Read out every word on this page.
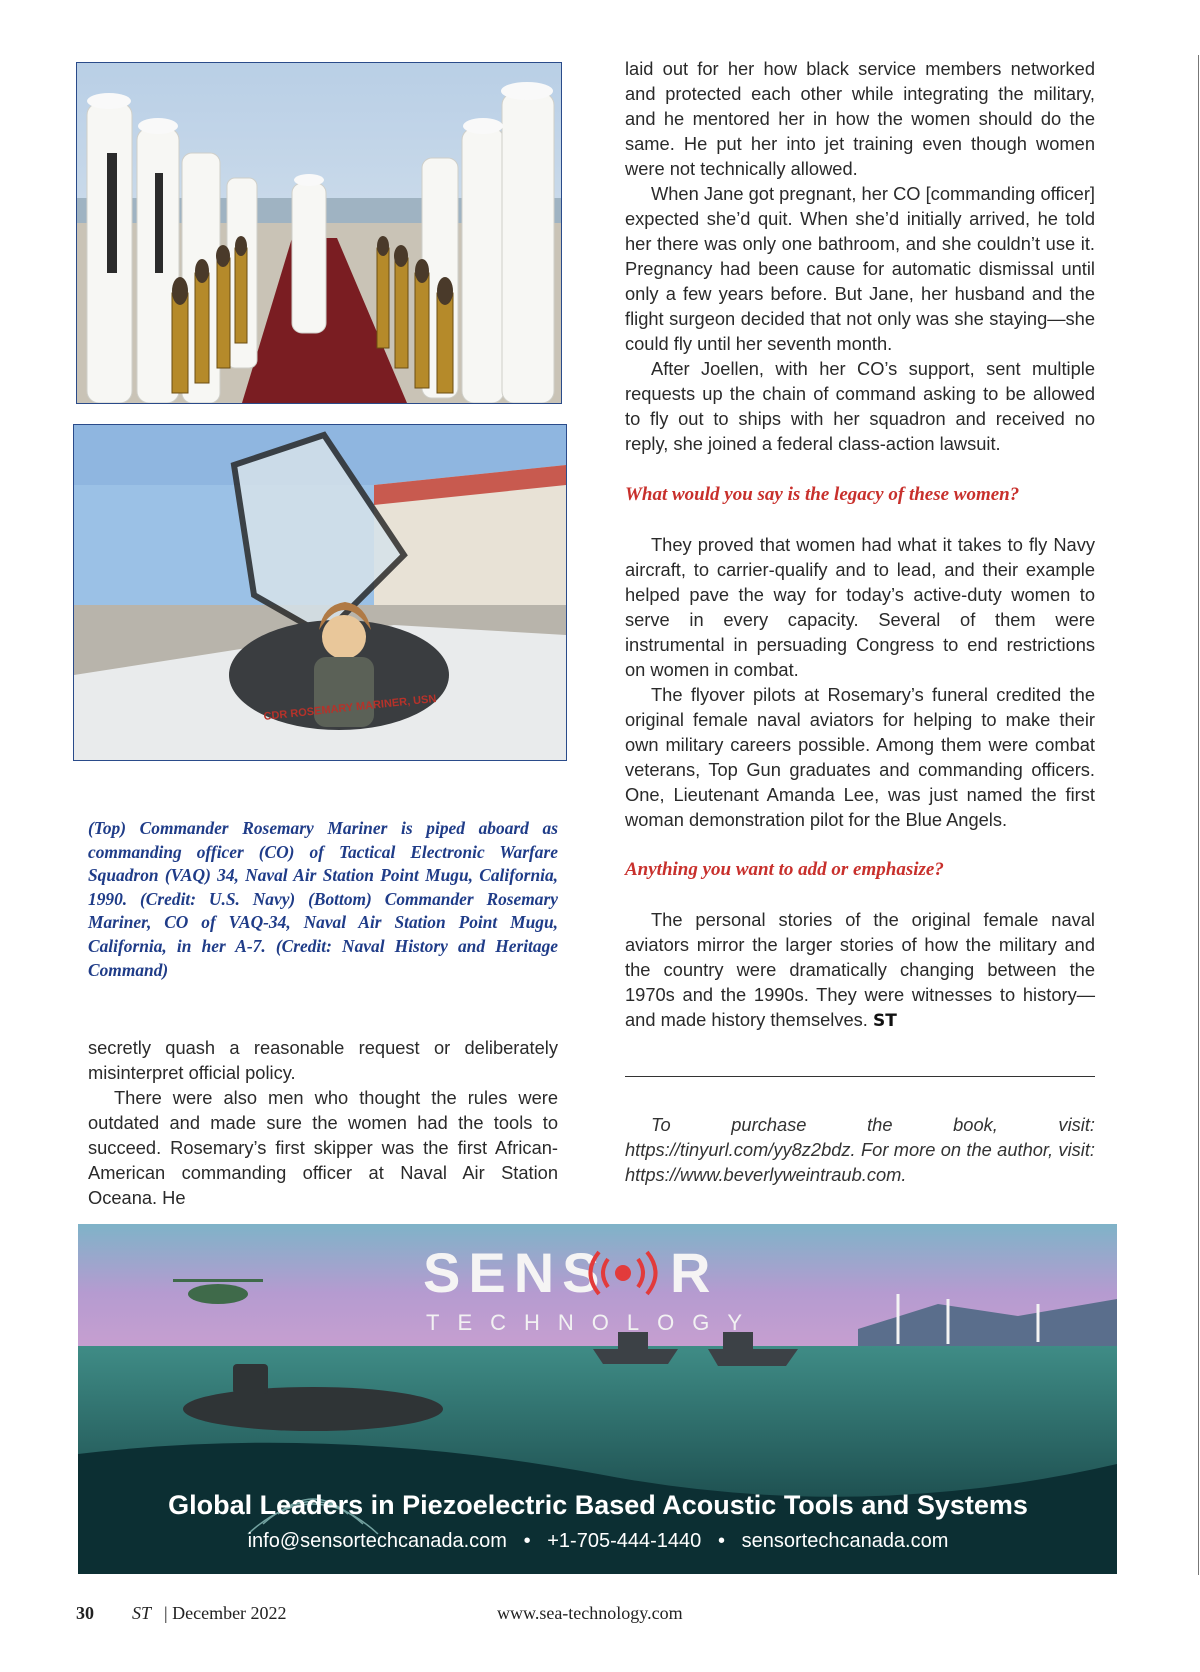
CDR ROSEMARY MARINER, USN
(Top) Commander Rosemary Mariner is piped aboard as commanding officer (CO) of Tactical Electronic Warfare Squadron (VAQ) 34, Naval Air Station Point Mugu, California, 1990. (Credit: U.S. Navy) (Bottom) Commander Rosemary Mariner, CO of VAQ-34, Naval Air Station Point Mugu, California, in her A-7. (Credit: Naval History and Heritage Command)

secretly quash a reasonable request or deliberately misinterpret official policy.

There were also men who thought the rules were outdated and made sure the women had the tools to succeed. Rosemary’s first skipper was the first African-American commanding officer at Naval Air Station Oceana. He

laid out for her how black service members networked and protected each other while integrating the military, and he mentored her in how the women should do the same. He put her into jet training even though women were not technically allowed.

When Jane got pregnant, her CO [commanding officer] expected she’d quit. When she’d initially arrived, he told her there was only one bathroom, and she couldn’t use it. Pregnancy had been cause for automatic dismissal until only a few years before. But Jane, her husband and the flight surgeon decided that not only was she staying—she could fly until her seventh month.

After Joellen, with her CO’s support, sent multiple requests up the chain of command asking to be allowed to fly out to ships with her squadron and received no reply, she joined a federal class-action lawsuit.

What would you say is the legacy of these women?

They proved that women had what it takes to fly Navy aircraft, to carrier-qualify and to lead, and their example helped pave the way for today’s active-duty women to serve in every capacity. Several of them were instrumental in persuading Congress to end restrictions on women in combat.

The flyover pilots at Rosemary’s funeral credited the original female naval aviators for helping to make their own military careers possible. Among them were combat veterans, Top Gun graduates and commanding officers. One, Lieutenant Amanda Lee, was just named the first woman demonstration pilot for the Blue Angels.

Anything you want to add or emphasize?

The personal stories of the original female naval aviators mirror the larger stories of how the military and the country were dramatically changing between the 1970s and the 1990s. They were witnesses to history—and made history themselves. ST

To purchase the book, visit: https://tinyurl.com/yy8z2bdz. For more on the author, visit: https://www.beverlyweintraub.com.
SENS R
TECHNOLOGY
Global Leaders in Piezoelectric Based Acoustic Tools and Systems
info@sensortechcanada.com   •   +1-705-444-1440   •   sensortechcanada.com
30 ST | December 2022	www.sea-technology.com
